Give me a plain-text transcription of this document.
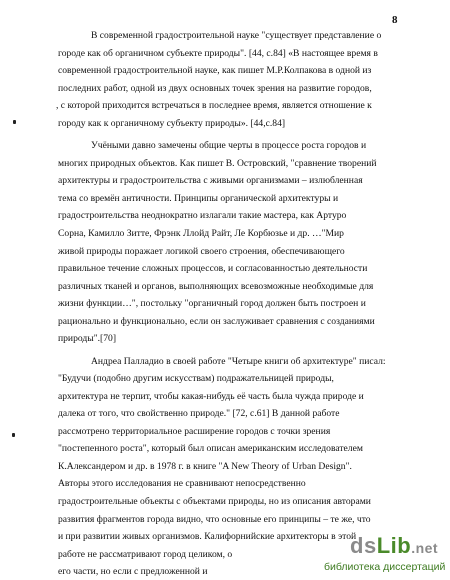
8
В современной градостроительной науке "существует представление о
городе как об органичном субъекте природы". [44, с.84] «В настоящее время в
современной градостроительной науке, как пишет М.Р.Колпакова в одной из
последних работ, одной из двух основных точек зрения на развитие городов,
, с которой приходится встречаться в последнее время, является отношение к
городу как к органичному субъекту природы». [44,с.84]
Учёными давно замечены общие черты в процессе роста городов и
многих природных объектов. Как пишет В. Островский, "сравнение творений
архитектуры и градостроительства с живыми организмами – излюбленная
тема со времён античности. Принципы органической архитектуры и
градостроительства неоднократно излагали такие мастера, как Артуро
Сорна, Камилло Зитте, Фрэнк Ллойд Райт, Ле Корбюзье и др. …"Мир
живой природы поражает логикой своего строения, обеспечивающего
правильное течение сложных процессов, и согласованностью деятельности
различных тканей и органов, выполняющих всевозможные необходимые для
жизни функции…", постольку "органичный город должен быть построен и
рационально и функционально, если он заслуживает сравнения с созданиями
природы".[70]
Андреа Палладио в своей работе "Четыре книги об архитектуре" писал:
"Будучи (подобно другим искусствам) подражательницей природы,
архитектура не терпит, чтобы какая-нибудь её часть была чужда природе и
далека от того, что свойственно природе." [72, с.61] В данной работе
рассмотрено территориальное расширение городов с точки зрения
"постепенного роста", который был описан американским исследователем
К.Александером и др. в 1978 г. в книге "A New Theory of Urban Design".
Авторы этого исследования не сравнивают непосредственно
градостроительные объекты с объектами природы, но из описания авторами
развития фрагментов города видно, что основные его принципы – те же, что
и при развитии живых организмов. Калифорнийские архитекторы в этой
работе не рассматривают город целиком, о
его части, но если с предложенной и
dsLib.net
библиотека диссертаций
